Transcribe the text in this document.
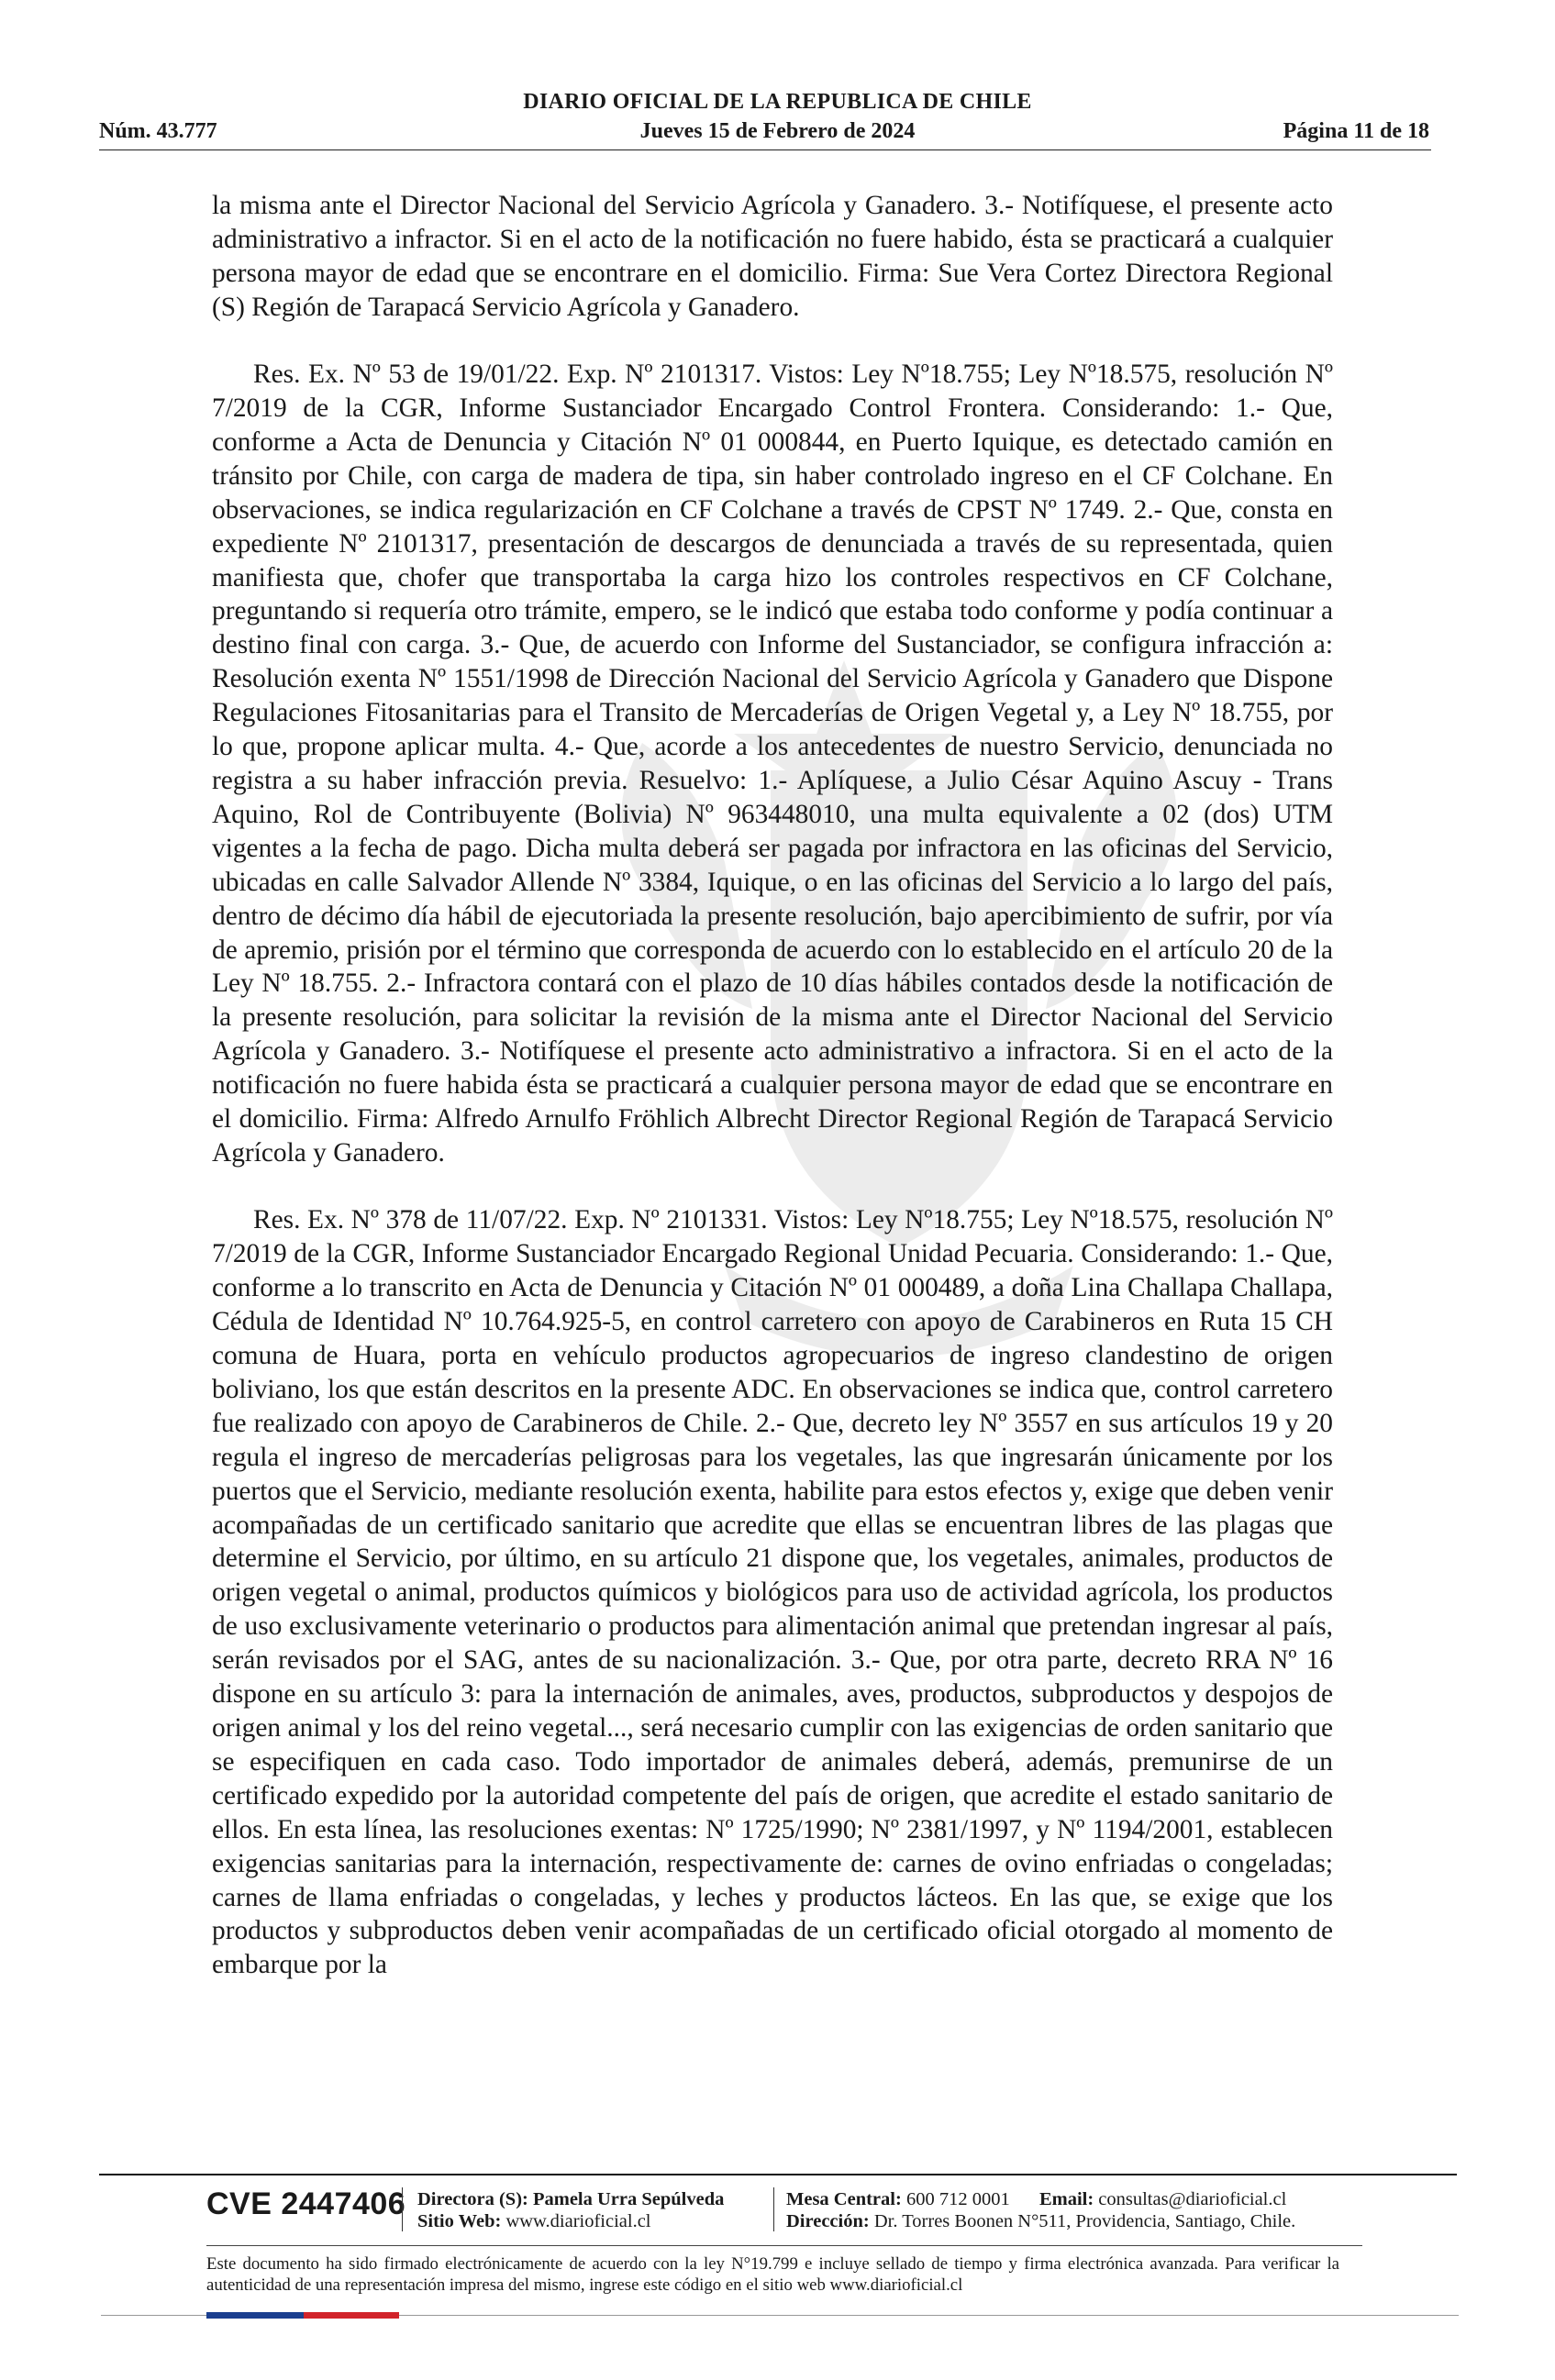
DIARIO OFICIAL DE LA REPUBLICA DE CHILE
Núm. 43.777	Jueves 15 de Febrero de 2024	Página 11 de 18

la misma ante el Director Nacional del Servicio Agrícola y Ganadero. 3.- Notifíquese, el presente acto administrativo a infractor. Si en el acto de la notificación no fuere habido, ésta se practicará a cualquier persona mayor de edad que se encontrare en el domicilio. Firma: Sue Vera Cortez Directora Regional (S) Región de Tarapacá Servicio Agrícola y Ganadero.

Res. Ex. Nº 53 de 19/01/22. Exp. Nº 2101317. Vistos: Ley Nº18.755; Ley Nº18.575, resolución Nº 7/2019 de la CGR, Informe Sustanciador Encargado Control Frontera. Considerando: 1.- Que, conforme a Acta de Denuncia y Citación Nº 01 000844, en Puerto Iquique, es detectado camión en tránsito por Chile, con carga de madera de tipa, sin haber controlado ingreso en el CF Colchane. En observaciones, se indica regularización en CF Colchane a través de CPST Nº 1749. 2.- Que, consta en expediente Nº 2101317, presentación de descargos de denunciada a través de su representada, quien manifiesta que, chofer que transportaba la carga hizo los controles respectivos en CF Colchane, preguntando si requería otro trámite, empero, se le indicó que estaba todo conforme y podía continuar a destino final con carga. 3.- Que, de acuerdo con Informe del Sustanciador, se configura infracción a: Resolución exenta Nº 1551/1998 de Dirección Nacional del Servicio Agrícola y Ganadero que Dispone Regulaciones Fitosanitarias para el Transito de Mercaderías de Origen Vegetal y, a Ley Nº 18.755, por lo que, propone aplicar multa. 4.- Que, acorde a los antecedentes de nuestro Servicio, denunciada no registra a su haber infracción previa. Resuelvo: 1.- Aplíquese, a Julio César Aquino Ascuy - Trans Aquino, Rol de Contribuyente (Bolivia) Nº 963448010, una multa equivalente a 02 (dos) UTM vigentes a la fecha de pago. Dicha multa deberá ser pagada por infractora en las oficinas del Servicio, ubicadas en calle Salvador Allende Nº 3384, Iquique, o en las oficinas del Servicio a lo largo del país, dentro de décimo día hábil de ejecutoriada la presente resolución, bajo apercibimiento de sufrir, por vía de apremio, prisión por el término que corresponda de acuerdo con lo establecido en el artículo 20 de la Ley Nº 18.755. 2.- Infractora contará con el plazo de 10 días hábiles contados desde la notificación de la presente resolución, para solicitar la revisión de la misma ante el Director Nacional del Servicio Agrícola y Ganadero. 3.- Notifíquese el presente acto administrativo a infractora. Si en el acto de la notificación no fuere habida ésta se practicará a cualquier persona mayor de edad que se encontrare en el domicilio. Firma: Alfredo Arnulfo Fröhlich Albrecht Director Regional Región de Tarapacá Servicio Agrícola y Ganadero.

Res. Ex. Nº 378 de 11/07/22. Exp. Nº 2101331. Vistos: Ley Nº18.755; Ley Nº18.575, resolución Nº 7/2019 de la CGR, Informe Sustanciador Encargado Regional Unidad Pecuaria. Considerando: 1.- Que, conforme a lo transcrito en Acta de Denuncia y Citación Nº 01 000489, a doña Lina Challapa Challapa, Cédula de Identidad Nº 10.764.925-5, en control carretero con apoyo de Carabineros en Ruta 15 CH comuna de Huara, porta en vehículo productos agropecuarios de ingreso clandestino de origen boliviano, los que están descritos en la presente ADC. En observaciones se indica que, control carretero fue realizado con apoyo de Carabineros de Chile. 2.- Que, decreto ley Nº 3557 en sus artículos 19 y 20 regula el ingreso de mercaderías peligrosas para los vegetales, las que ingresarán únicamente por los puertos que el Servicio, mediante resolución exenta, habilite para estos efectos y, exige que deben venir acompañadas de un certificado sanitario que acredite que ellas se encuentran libres de las plagas que determine el Servicio, por último, en su artículo 21 dispone que, los vegetales, animales, productos de origen vegetal o animal, productos químicos y biológicos para uso de actividad agrícola, los productos de uso exclusivamente veterinario o productos para alimentación animal que pretendan ingresar al país, serán revisados por el SAG, antes de su nacionalización. 3.- Que, por otra parte, decreto RRA Nº 16 dispone en su artículo 3: para la internación de animales, aves, productos, subproductos y despojos de origen animal y los del reino vegetal..., será necesario cumplir con las exigencias de orden sanitario que se especifiquen en cada caso. Todo importador de animales deberá, además, premunirse de un certificado expedido por la autoridad competente del país de origen, que acredite el estado sanitario de ellos. En esta línea, las resoluciones exentas: Nº 1725/1990; Nº 2381/1997, y Nº 1194/2001, establecen exigencias sanitarias para la internación, respectivamente de: carnes de ovino enfriadas o congeladas; carnes de llama enfriadas o congeladas, y leches y productos lácteos. En las que, se exige que los productos y subproductos deben venir acompañadas de un certificado oficial otorgado al momento de embarque por la

CVE 2447406 Directora (S): Pamela Urra Sepúlveda
Sitio Web: www.diarioficial.cl
Mesa Central: 600 712 0001 Email: consultas@diarioficial.cl
Dirección: Dr. Torres Boonen N°511, Providencia, Santiago, Chile.
Este documento ha sido firmado electrónicamente de acuerdo con la ley N°19.799 e incluye sellado de tiempo y firma electrónica avanzada. Para verificar la autenticidad de una representación impresa del mismo, ingrese este código en el sitio web www.diarioficial.cl
